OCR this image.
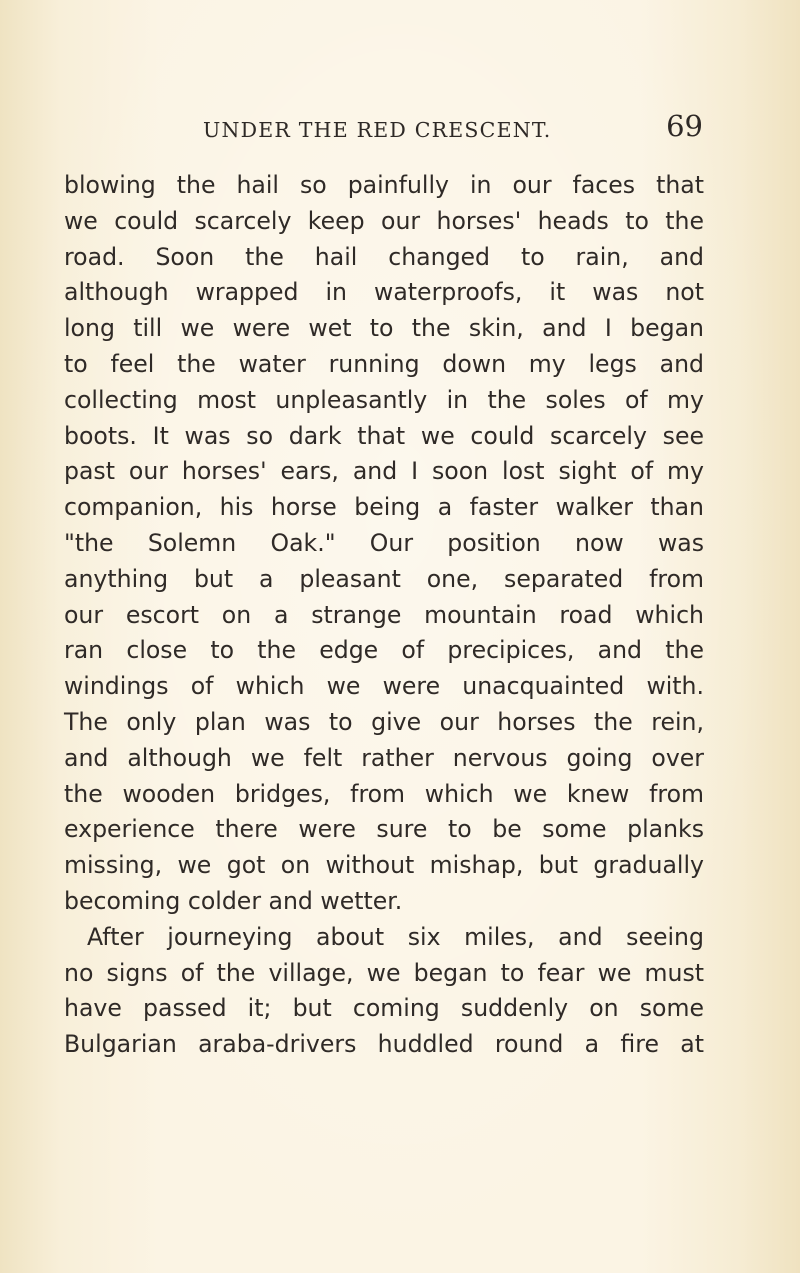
UNDER THE RED CRESCENT.	69
blowing the hail so painfully in our faces that
we could scarcely keep our horses' heads to the
road. Soon the hail changed to rain, and
although wrapped in waterproofs, it was not
long till we were wet to the skin, and I began
to feel the water running down my legs and
collecting most unpleasantly in the soles of my
boots. It was so dark that we could scarcely see
past our horses' ears, and I soon lost sight of my
companion, his horse being a faster walker than
"the Solemn Oak." Our position now was
anything but a pleasant one, separated from
our escort on a strange mountain road which
ran close to the edge of precipices, and the
windings of which we were unacquainted with.
The only plan was to give our horses the rein,
and although we felt rather nervous going over
the wooden bridges, from which we knew from
experience there were sure to be some planks
missing, we got on without mishap, but gradually
becoming colder and wetter.
After journeying about six miles, and seeing
no signs of the village, we began to fear we must
have passed it; but coming suddenly on some
Bulgarian araba-drivers huddled round a fire at
